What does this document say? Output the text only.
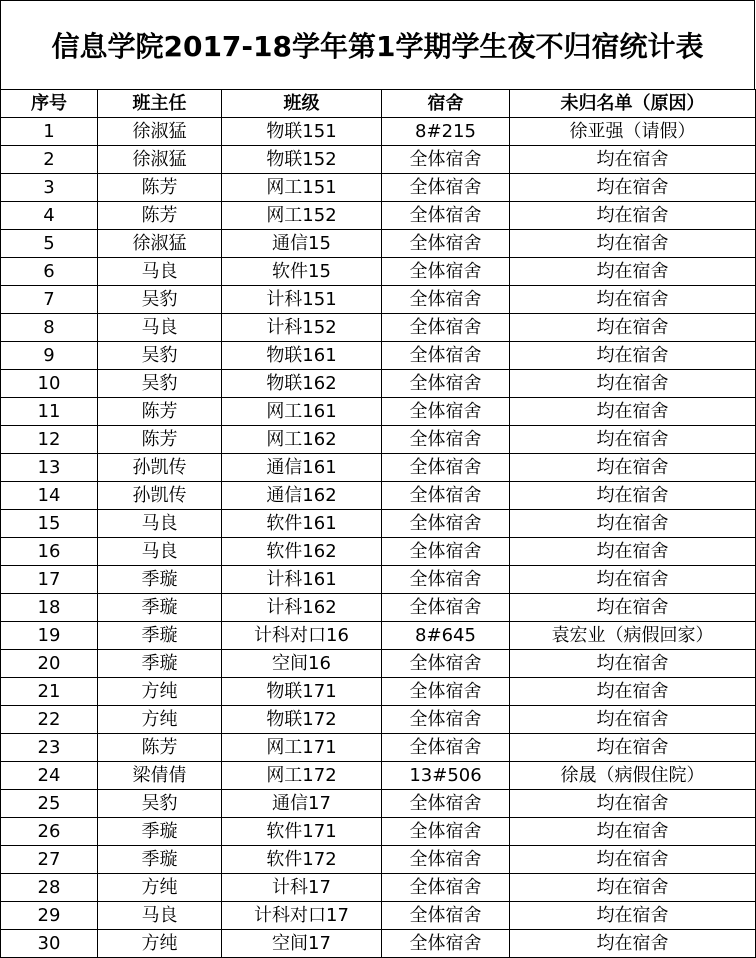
信息学院2017-18学年第1学期学生夜不归宿统计表
序号	班主任	班级	宿舍	未归名单（原因）
1	徐淑猛	物联151	8#215	徐亚强（请假）
2	徐淑猛	物联152	全体宿舍	均在宿舍
3	陈芳	网工151	全体宿舍	均在宿舍
4	陈芳	网工152	全体宿舍	均在宿舍
5	徐淑猛	通信15	全体宿舍	均在宿舍
6	马良	软件15	全体宿舍	均在宿舍
7	吴豹	计科151	全体宿舍	均在宿舍
8	马良	计科152	全体宿舍	均在宿舍
9	吴豹	物联161	全体宿舍	均在宿舍
10	吴豹	物联162	全体宿舍	均在宿舍
11	陈芳	网工161	全体宿舍	均在宿舍
12	陈芳	网工162	全体宿舍	均在宿舍
13	孙凯传	通信161	全体宿舍	均在宿舍
14	孙凯传	通信162	全体宿舍	均在宿舍
15	马良	软件161	全体宿舍	均在宿舍
16	马良	软件162	全体宿舍	均在宿舍
17	季璇	计科161	全体宿舍	均在宿舍
18	季璇	计科162	全体宿舍	均在宿舍
19	季璇	计科对口16	8#645	袁宏业（病假回家）
20	季璇	空间16	全体宿舍	均在宿舍
21	方纯	物联171	全体宿舍	均在宿舍
22	方纯	物联172	全体宿舍	均在宿舍
23	陈芳	网工171	全体宿舍	均在宿舍
24	梁倩倩	网工172	13#506	徐晟（病假住院）
25	吴豹	通信17	全体宿舍	均在宿舍
26	季璇	软件171	全体宿舍	均在宿舍
27	季璇	软件172	全体宿舍	均在宿舍
28	方纯	计科17	全体宿舍	均在宿舍
29	马良	计科对口17	全体宿舍	均在宿舍
30	方纯	空间17	全体宿舍	均在宿舍
